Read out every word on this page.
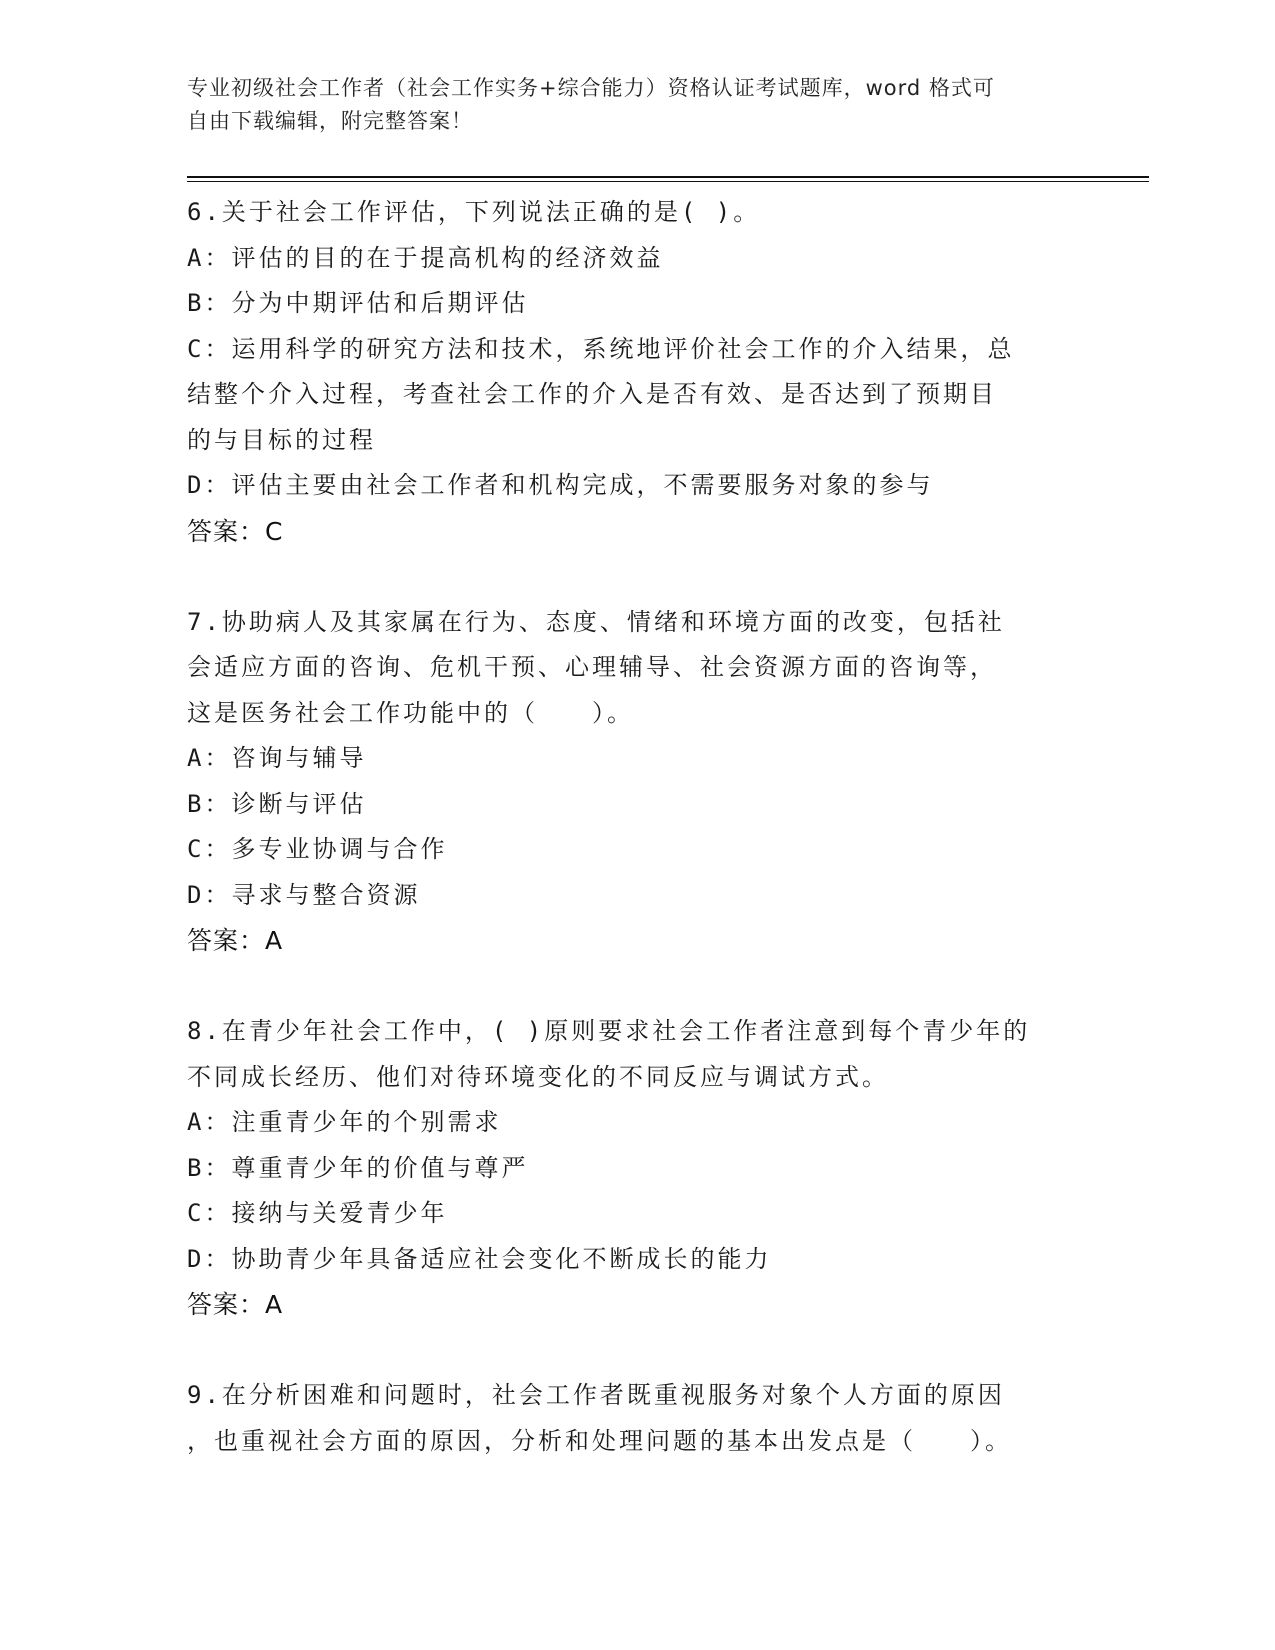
专业初级社会工作者（社会工作实务+综合能力）资格认证考试题库，word 格式可
自由下载编辑，附完整答案！
6.关于社会工作评估，下列说法正确的是( )。
A：评估的目的在于提高机构的经济效益
B：分为中期评估和后期评估
C：运用科学的研究方法和技术，系统地评价社会工作的介入结果，总
结整个介入过程，考查社会工作的介入是否有效、是否达到了预期目
的与目标的过程
D：评估主要由社会工作者和机构完成，不需要服务对象的参与
答案：C
7.协助病人及其家属在行为、态度、情绪和环境方面的改变，包括社
会适应方面的咨询、危机干预、心理辅导、社会资源方面的咨询等，
这是医务社会工作功能中的（　　）。
A：咨询与辅导
B：诊断与评估
C：多专业协调与合作
D：寻求与整合资源
答案：A
8.在青少年社会工作中，( )原则要求社会工作者注意到每个青少年的
不同成长经历、他们对待环境变化的不同反应与调试方式。
A：注重青少年的个别需求
B：尊重青少年的价值与尊严
C：接纳与关爱青少年
D：协助青少年具备适应社会变化不断成长的能力
答案：A
9.在分析困难和问题时，社会工作者既重视服务对象个人方面的原因
，也重视社会方面的原因，分析和处理问题的基本出发点是（　　）。
